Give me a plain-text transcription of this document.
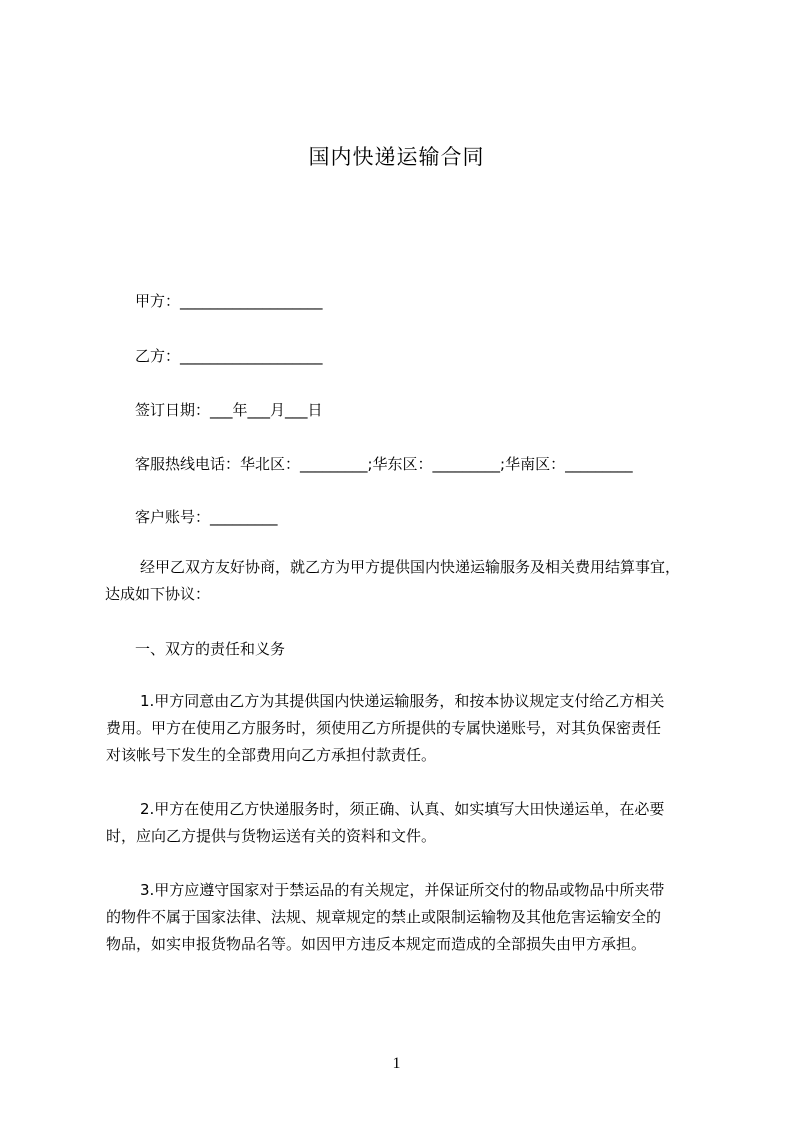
国内快递运输合同
甲方：___________________
乙方：___________________
签订日期：___年___月___日
客服热线电话：华北区：_________;华东区：_________;华南区：_________
客户账号：_________
经甲乙双方友好协商，就乙方为甲方提供国内快递运输服务及相关费用结算事宜，
达成如下协议：
一、双方的责任和义务
1.甲方同意由乙方为其提供国内快递运输服务，和按本协议规定支付给乙方相关
费用。甲方在使用乙方服务时，须使用乙方所提供的专属快递账号，对其负保密责任
对该帐号下发生的全部费用向乙方承担付款责任。
2.甲方在使用乙方快递服务时，须正确、认真、如实填写大田快递运单，在必要
时，应向乙方提供与货物运送有关的资料和文件。
3.甲方应遵守国家对于禁运品的有关规定，并保证所交付的物品或物品中所夹带
的物件不属于国家法律、法规、规章规定的禁止或限制运输物及其他危害运输安全的
物品，如实申报货物品名等。如因甲方违反本规定而造成的全部损失由甲方承担。
1
